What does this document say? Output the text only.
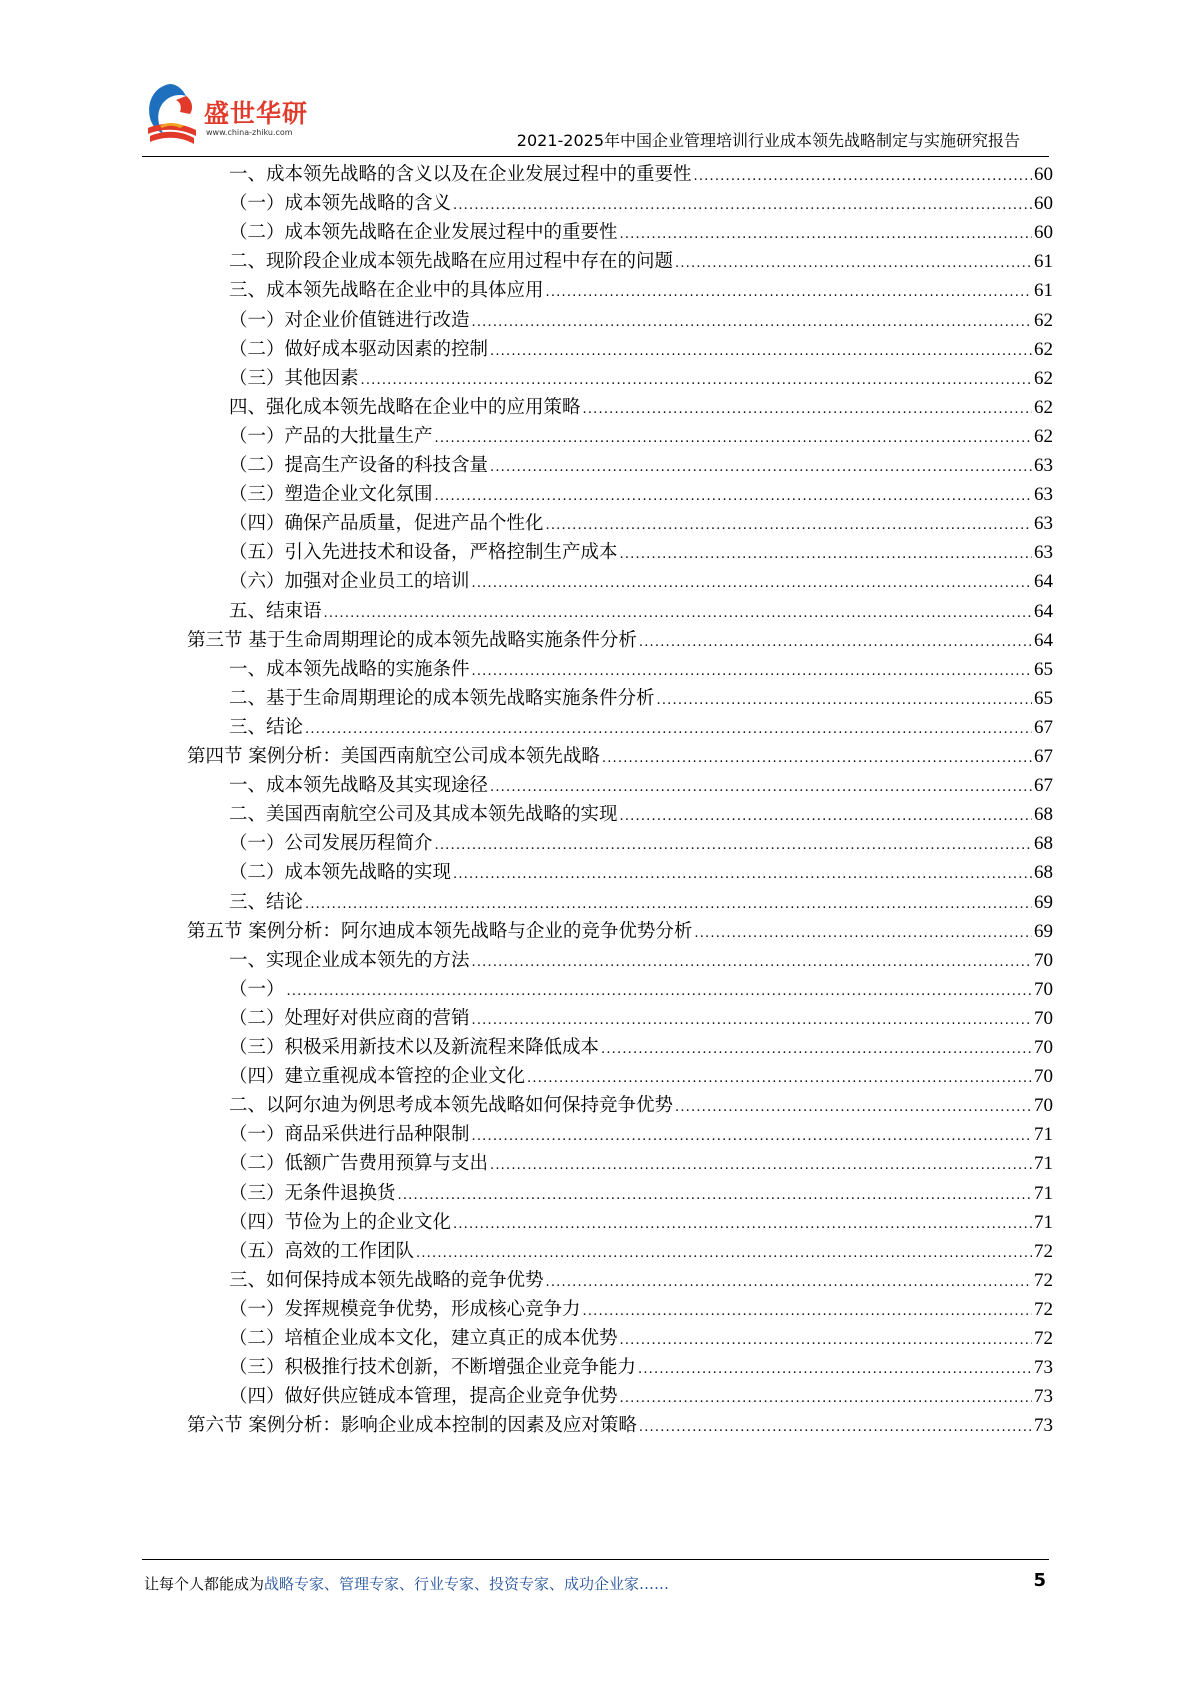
盛世华研
www.china-zhiku.com	2021-2025年中国企业管理培训行业成本领先战略制定与实施研究报告
一、成本领先战略的含义以及在企业发展过程中的重要性 .....	60
（一）成本领先战略的含义 .....	60
（二）成本领先战略在企业发展过程中的重要性 .....	60
二、现阶段企业成本领先战略在应用过程中存在的问题 .....	61
三、成本领先战略在企业中的具体应用 .....	61
（一）对企业价值链进行改造 .....	62
（二）做好成本驱动因素的控制 .....	62
（三）其他因素 .....	62
四、强化成本领先战略在企业中的应用策略 .....	62
（一）产品的大批量生产 .....	62
（二）提高生产设备的科技含量 .....	63
（三）塑造企业文化氛围 .....	63
（四）确保产品质量，促进产品个性化 .....	63
（五）引入先进技术和设备，严格控制生产成本 .....	63
（六）加强对企业员工的培训 .....	64
五、结束语 .....	64
第三节 基于生命周期理论的成本领先战略实施条件分析 .....	64
一、成本领先战略的实施条件 .....	65
二、基于生命周期理论的成本领先战略实施条件分析 .....	65
三、结论 .....	67
第四节 案例分析：美国西南航空公司成本领先战略 .....	67
一、成本领先战略及其实现途径 .....	67
二、美国西南航空公司及其成本领先战略的实现 .....	68
（一）公司发展历程简介 .....	68
（二）成本领先战略的实现 .....	68
三、结论 .....	69
第五节 案例分析：阿尔迪成本领先战略与企业的竞争优势分析 .....	69
一、实现企业成本领先的方法 .....	70
（一） .....	70
（二）处理好对供应商的营销 .....	70
（三）积极采用新技术以及新流程来降低成本 .....	70
（四）建立重视成本管控的企业文化 .....	70
二、以阿尔迪为例思考成本领先战略如何保持竞争优势 .....	70
（一）商品采供进行品种限制 .....	71
（二）低额广告费用预算与支出 .....	71
（三）无条件退换货 .....	71
（四）节俭为上的企业文化 .....	71
（五）高效的工作团队 .....	72
三、如何保持成本领先战略的竞争优势 .....	72
（一）发挥规模竞争优势，形成核心竞争力 .....	72
（二）培植企业成本文化，建立真正的成本优势 .....	72
（三）积极推行技术创新，不断增强企业竞争能力 .....	73
（四）做好供应链成本管理，提高企业竞争优势 .....	73
第六节 案例分析：影响企业成本控制的因素及应对策略 .....	73
让每个人都能成为战略专家、管理专家、行业专家、投资专家、成功企业家……	5
